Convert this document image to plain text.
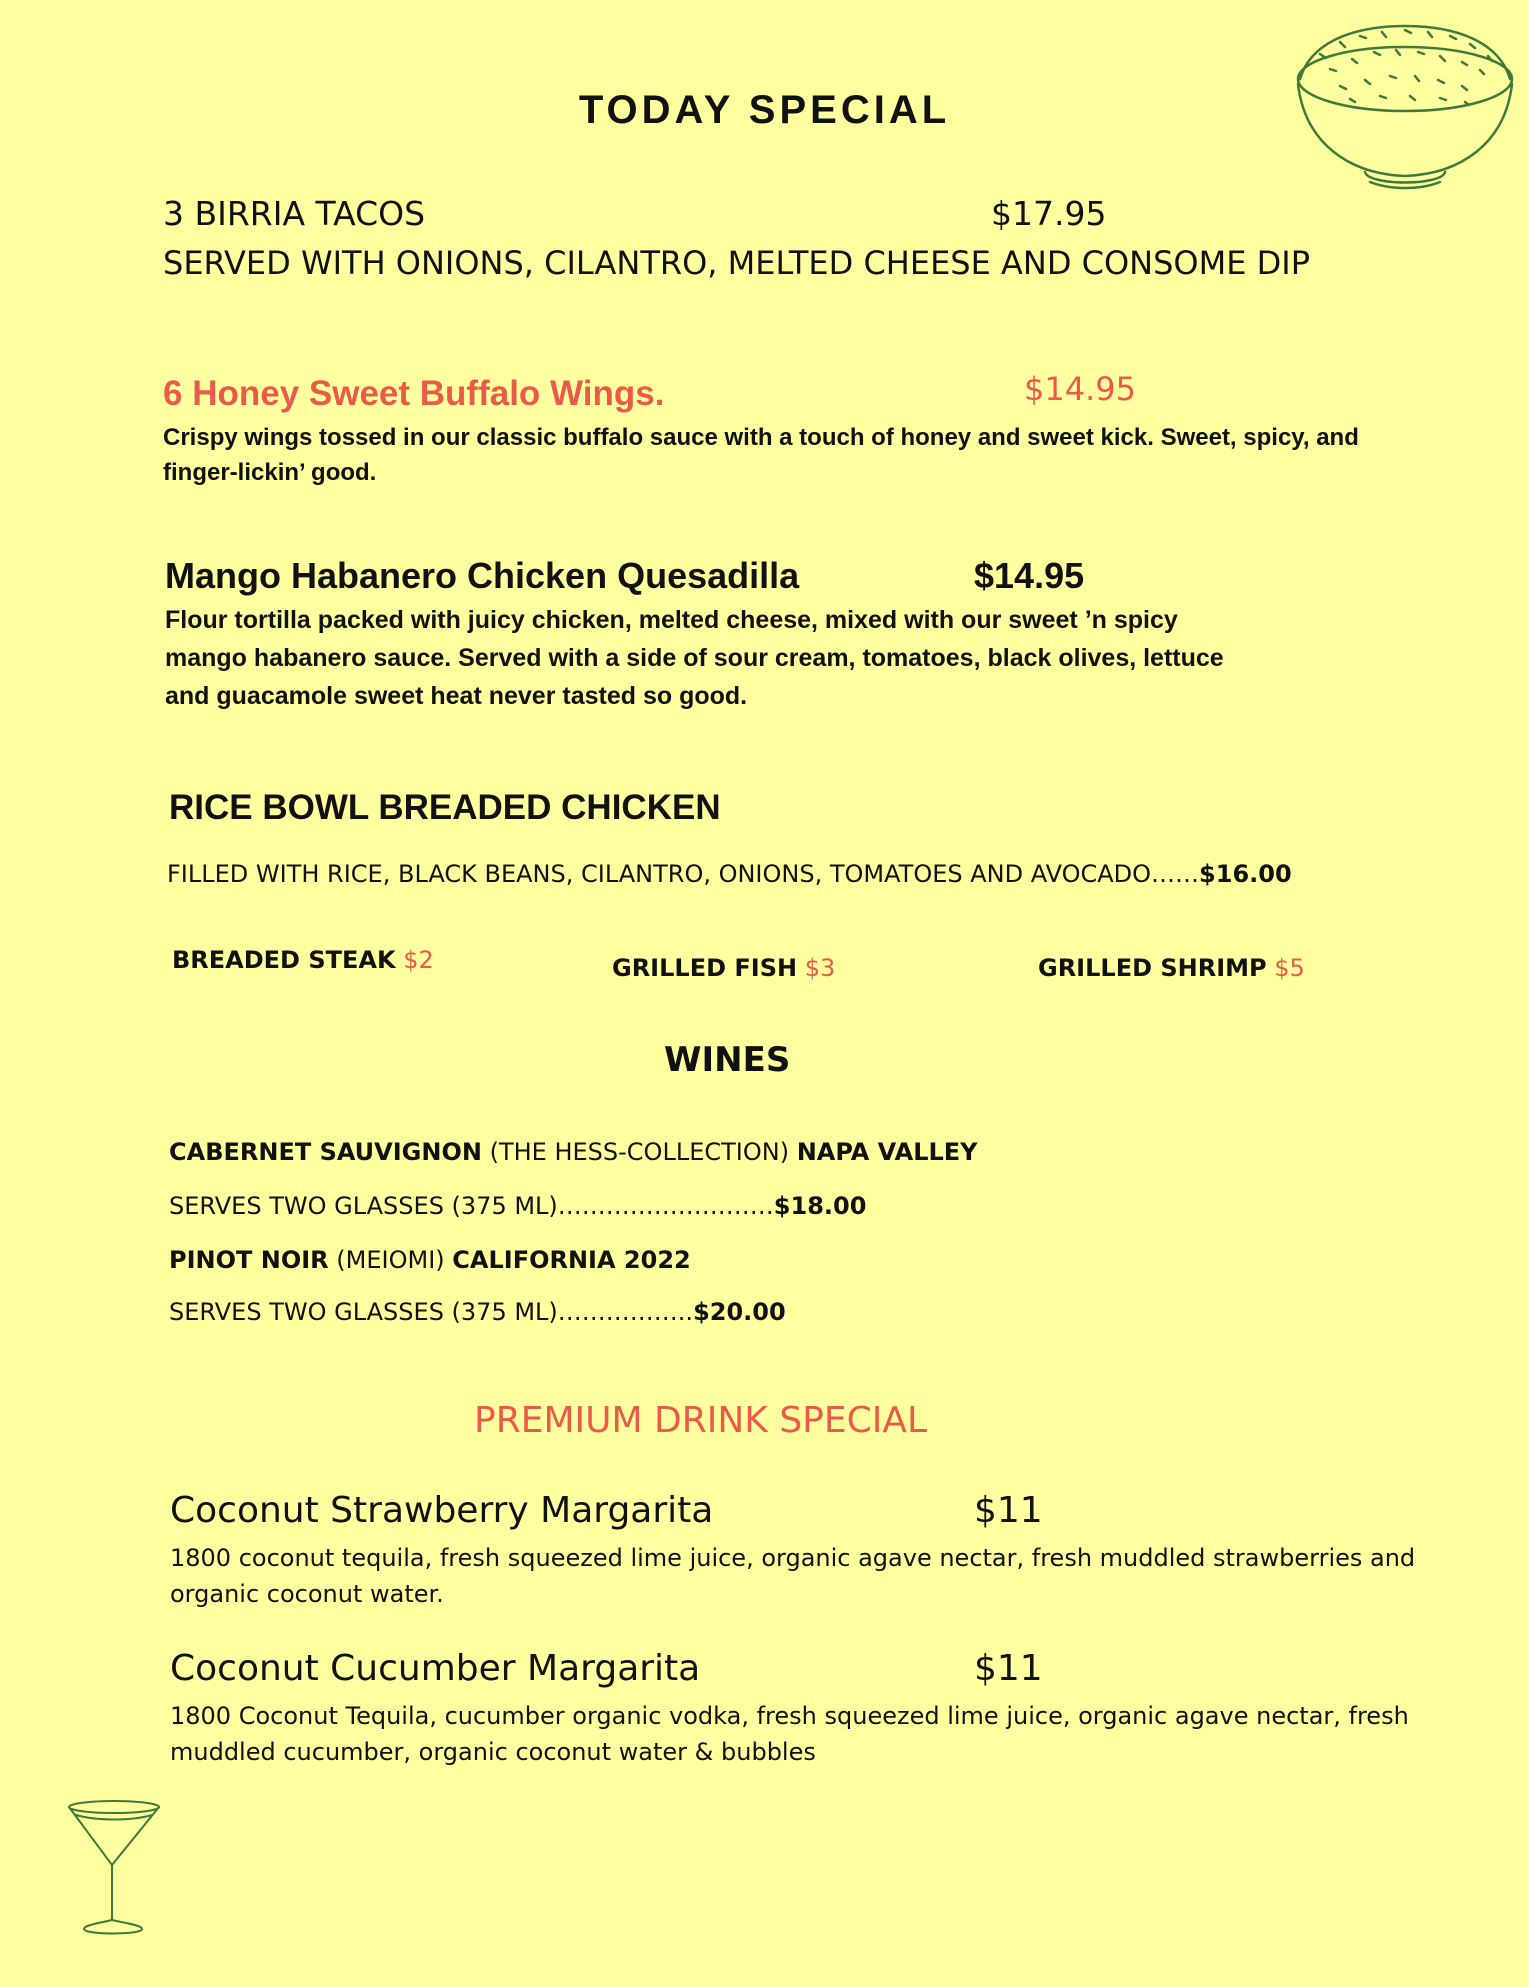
TODAY SPECIAL
3 BIRRIA TACOS	$17.95
SERVED WITH ONIONS, CILANTRO, MELTED CHEESE AND CONSOME DIP
6 Honey Sweet Buffalo Wings.	$14.95
Crispy wings tossed in our classic buffalo sauce with a touch of honey and sweet kick. Sweet, spicy, and finger-lickin’ good.
Mango Habanero Chicken Quesadilla	$14.95
Flour tortilla packed with juicy chicken, melted cheese, mixed with our sweet ’n spicy
mango habanero sauce. Served with a side of sour cream, tomatoes, black olives, lettuce
and guacamole sweet heat never tasted so good.
RICE BOWL BREADED CHICKEN
FILLED WITH RICE, BLACK BEANS, CILANTRO, ONIONS, TOMATOES AND AVOCADO……$16.00
BREADED STEAK $2	GRILLED FISH $3	GRILLED SHRIMP $5
WINES
CABERNET SAUVIGNON (THE HESS-COLLECTION) NAPA VALLEY
SERVES TWO GLASSES (375 ML)………………………$18.00
PINOT NOIR (MEIOMI) CALIFORNIA 2022
SERVES TWO GLASSES (375 ML)……………..$20.00
PREMIUM DRINK SPECIAL
Coconut Strawberry Margarita	$11
1800 coconut tequila, fresh squeezed lime juice, organic agave nectar, fresh muddled strawberries and organic coconut water.
Coconut Cucumber Margarita	$11
1800 Coconut Tequila, cucumber organic vodka, fresh squeezed lime juice, organic agave nectar, fresh muddled cucumber, organic coconut water & bubbles
